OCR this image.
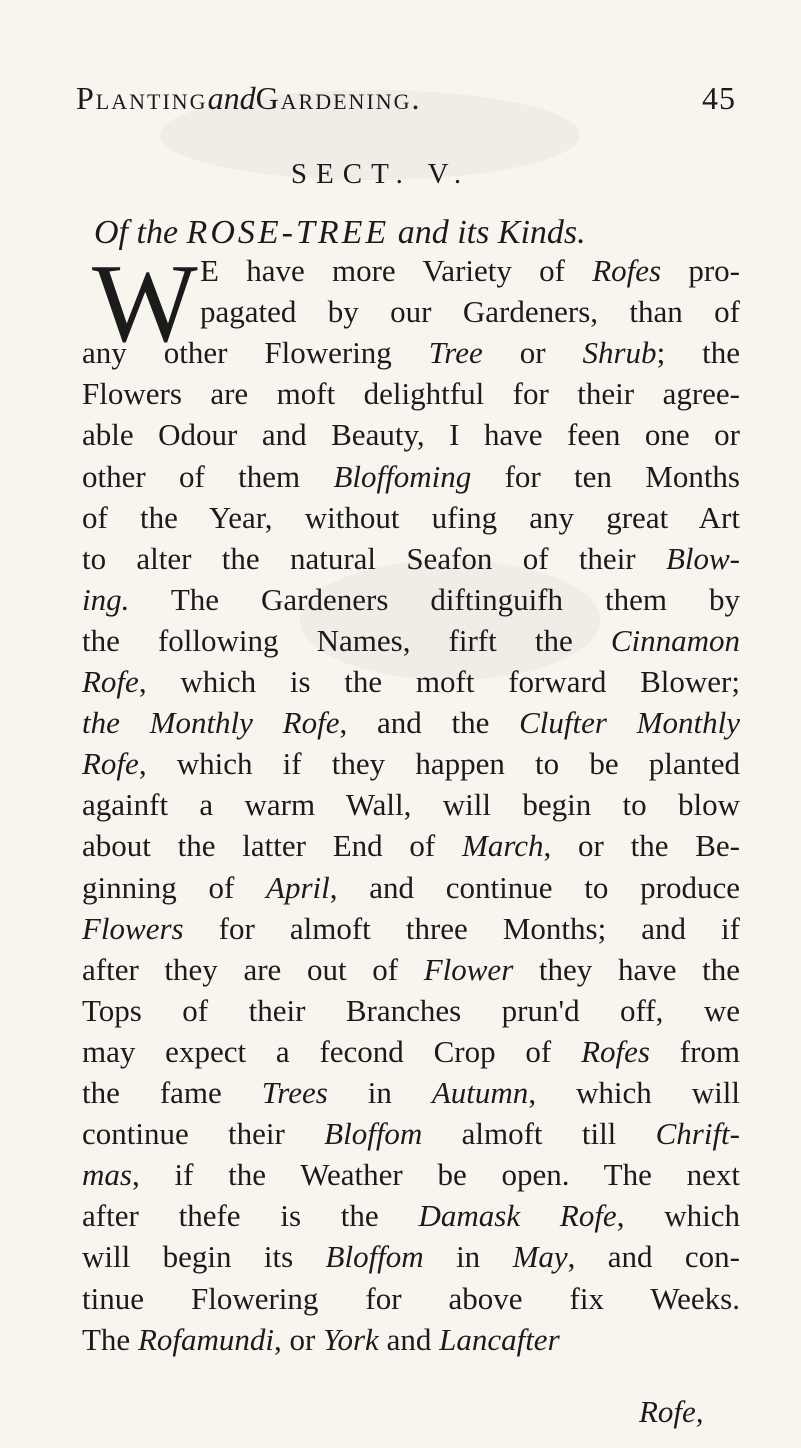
PlantingandGardening.	45
SECT. V.
Of the ROSE-TREE and its Kinds.
W E have more Variety of Rofes pro-
pagated by our Gardeners, than of
any other Flowering Tree or Shrub; the
Flowers are moft delightful for their agree-
able Odour and Beauty, I have feen one or
other of them Bloffoming for ten Months
of the Year, without ufing any great Art
to alter the natural Seafon of their Blow-
ing. The Gardeners diftinguifh them by
the following Names, firft the Cinnamon
Rofe, which is the moft forward Blower;
the Monthly Rofe, and the Clufter Monthly
Rofe, which if they happen to be planted
againft a warm Wall, will begin to blow
about the latter End of March, or the Be-
ginning of April, and continue to produce
Flowers for almoft three Months; and if
after they are out of Flower they have the
Tops of their Branches prun'd off, we
may expect a fecond Crop of Rofes from
the fame Trees in Autumn, which will
continue their Bloffom almoft till Chrift-
mas, if the Weather be open. The next
after thefe is the Damask Rofe, which
will begin its Bloffom in May, and con-
tinue Flowering for above fix Weeks.
The Rofamundi, or York and Lancafter
Rofe,
